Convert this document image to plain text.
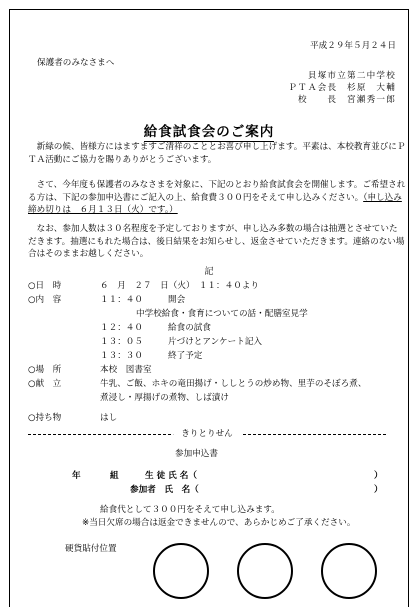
平成２９年５月２４日
保護者のみなさまへ
貝塚市立第二中学校
ＰＴＡ会長　杉原　大輔
校　　長　宮瀬秀一郎
給食試食会のご案内
　新緑の候、皆様方にはますますご清祥のこととお喜び申し上げます。平素は、本校教育並びにＰＴＡ活動にご協力を賜りありがとうございます。
　さて、今年度も保護者のみなさまを対象に、下記のとおり給食試食会を開催します。ご希望される方は、下記の参加申込書にご記入の上、給食費３００円をそえて申し込みください。（申し込み締め切りは　６月１３日（火）です。）
　なお、参加人数は３０名程度を予定しておりますが、申し込み多数の場合は抽選とさせていただきます。抽選にもれた場合は、後日結果をお知らせし、返金させていただきます。連絡のない場合はそのままお越しください。
記
○日　時	６　月　２７　日（火）　１１：４０より
○内　容	１１：４０	開会
中学校給食・食育についての話・配膳室見学
１２：４０	給食の試食
１３：０５	片づけとアンケート記入
１３：３０	終了予定
○場　所	本校　図書室
○献　立	牛乳、ご飯、ホキの竜田揚げ・ししとうの炒め物、里芋のそぼろ煮、
煮浸し・厚揚げの煮物、しば漬け
○持ち物	はし
きりとりせん
参加申込書
年	組	生 徒 氏 名（	）
参加者　氏　名（	）
給食代として３００円をそえて申し込みます。
※当日欠席の場合は返金できませんので、あらかじめご了承ください。
硬貨貼付位置
